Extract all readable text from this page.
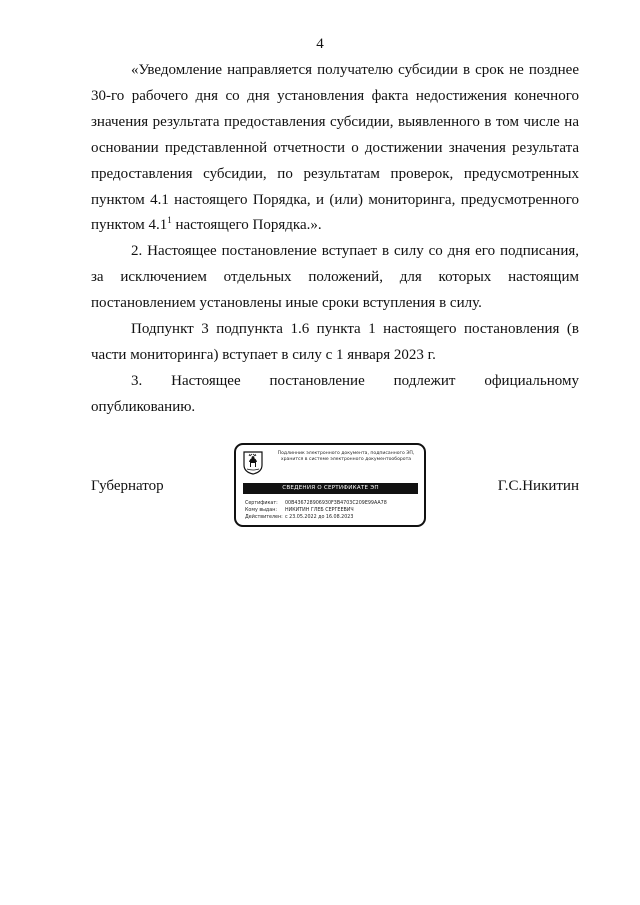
4

«Уведомление направляется получателю субсидии в срок не позднее 30-го рабочего дня со дня установления факта недостижения конечного значения результата предоставления субсидии, выявленного в том числе на основании представленной отчетности о достижении значения результата предоставления субсидии, по результатам проверок, предусмотренных пунктом 4.1 настоящего Порядка, и (или) мониторинга, предусмотренного пунктом $4.1^1$ настоящего Порядка.».

2. Настоящее постановление вступает в силу со дня его подписания, за исключением отдельных положений, для которых настоящим постановлением установлены иные сроки вступления в силу.

Подпункт 3 подпункта 1.6 пункта 1 настоящего постановления (в части мониторинга) вступает в силу с 1 января 2023 г.

3. Настоящее постановление подлежит официальному опубликованию.

Губернатор	Г.С.Никитин
Подлинник электронного документа, подписанного ЭП,
хранится в системе электронного документооборота
СВЕДЕНИЯ О СЕРТИФИКАТЕ ЭП
Сертификат: 00B436728906930F3B4703C209E99AA78
Кому выдан: НИКИТИН ГЛЕБ СЕРГЕЕВИЧ
Действителен: с 23.05.2022 до 16.08.2023
